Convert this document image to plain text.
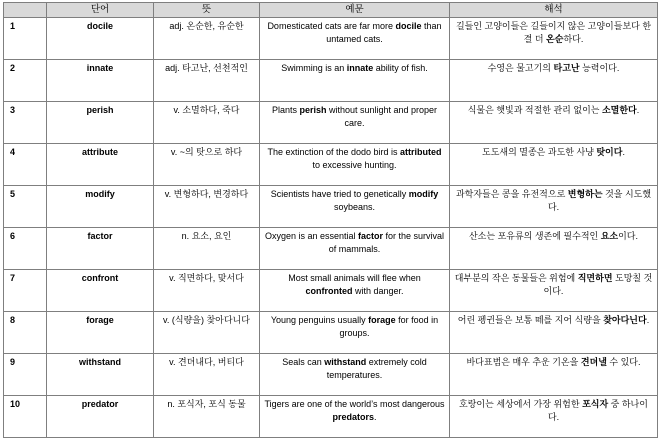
	단어	뜻	예문	해석
1	docile	adj. 온순한, 유순한	Domesticated cats are far more docile than untamed cats.	길들인 고양이들은 길들이지 않은 고양이들보다 한결 더 온순하다.
2	innate	adj. 타고난, 선천적인	Swimming is an innate ability of fish.	수영은 물고기의 타고난 능력이다.
3	perish	v. 소멸하다, 죽다	Plants perish without sunlight and proper care.	식물은 햇빛과 적절한 관리 없이는 소멸한다.
4	attribute	v. ~의 탓으로 하다	The extinction of the dodo bird is attributed to excessive hunting.	도도새의 멸종은 과도한 사냥 탓이다.
5	modify	v. 변형하다, 변경하다	Scientists have tried to genetically modify soybeans.	과학자들은 콩을 유전적으로 변형하는 것을 시도했다.
6	factor	n. 요소, 요인	Oxygen is an essential factor for the survival of mammals.	산소는 포유류의 생존에 필수적인 요소이다.
7	confront	v. 직면하다, 맞서다	Most small animals will flee when confronted with danger.	대부분의 작은 동물들은 위험에 직면하면 도망칠 것이다.
8	forage	v. (식량을) 찾아다니다	Young penguins usually forage for food in groups.	어린 펭귄들은 보통 떼를 지어 식량을 찾아다닌다.
9	withstand	v. 견뎌내다, 버티다	Seals can withstand extremely cold temperatures.	바다표범은 매우 추운 기온을 견뎌낼 수 있다.
10	predator	n. 포식자, 포식 동물	Tigers are one of the world’s most dangerous predators.	호랑이는 세상에서 가장 위험한 포식자 중 하나이다.
